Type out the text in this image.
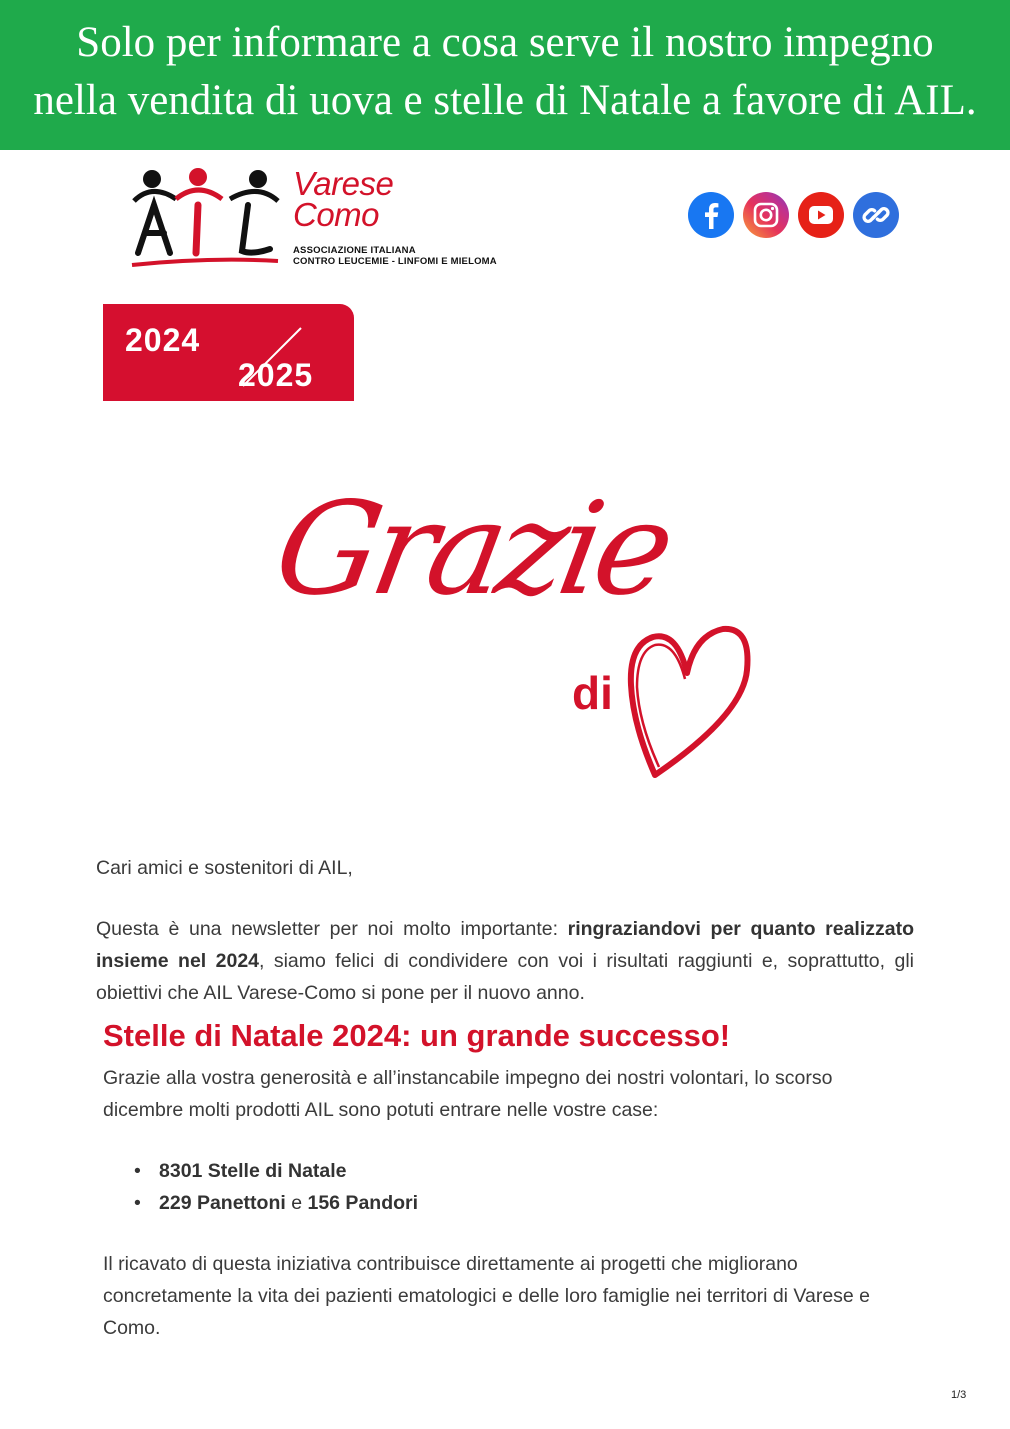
Solo per informare a cosa serve il nostro impegno
nella vendita di uova e stelle di Natale a favore di AIL.
Varese
Como
ASSOCIAZIONE ITALIANA
CONTRO LEUCEMIE - LINFOMI E MIELOMA
2024
2025
Grazie
di
Cari amici e sostenitori di AIL,
Questa è una newsletter per noi molto importante: ringraziandovi per quanto realizzato insieme nel 2024, siamo felici di condividere con voi i risultati raggiunti e, soprattutto, gli obiettivi che AIL Varese-Como si pone per il nuovo anno.
Stelle di Natale 2024: un grande successo!
Grazie alla vostra generosità e all’instancabile impegno dei nostri volontari, lo scorso dicembre molti prodotti AIL sono potuti entrare nelle vostre case:
• 8301 Stelle di Natale
• 229 Panettoni e 156 Pandori
Il ricavato di questa iniziativa contribuisce direttamente ai progetti che migliorano concretamente la vita dei pazienti ematologici e delle loro famiglie nei territori di Varese e Como.
1/3
